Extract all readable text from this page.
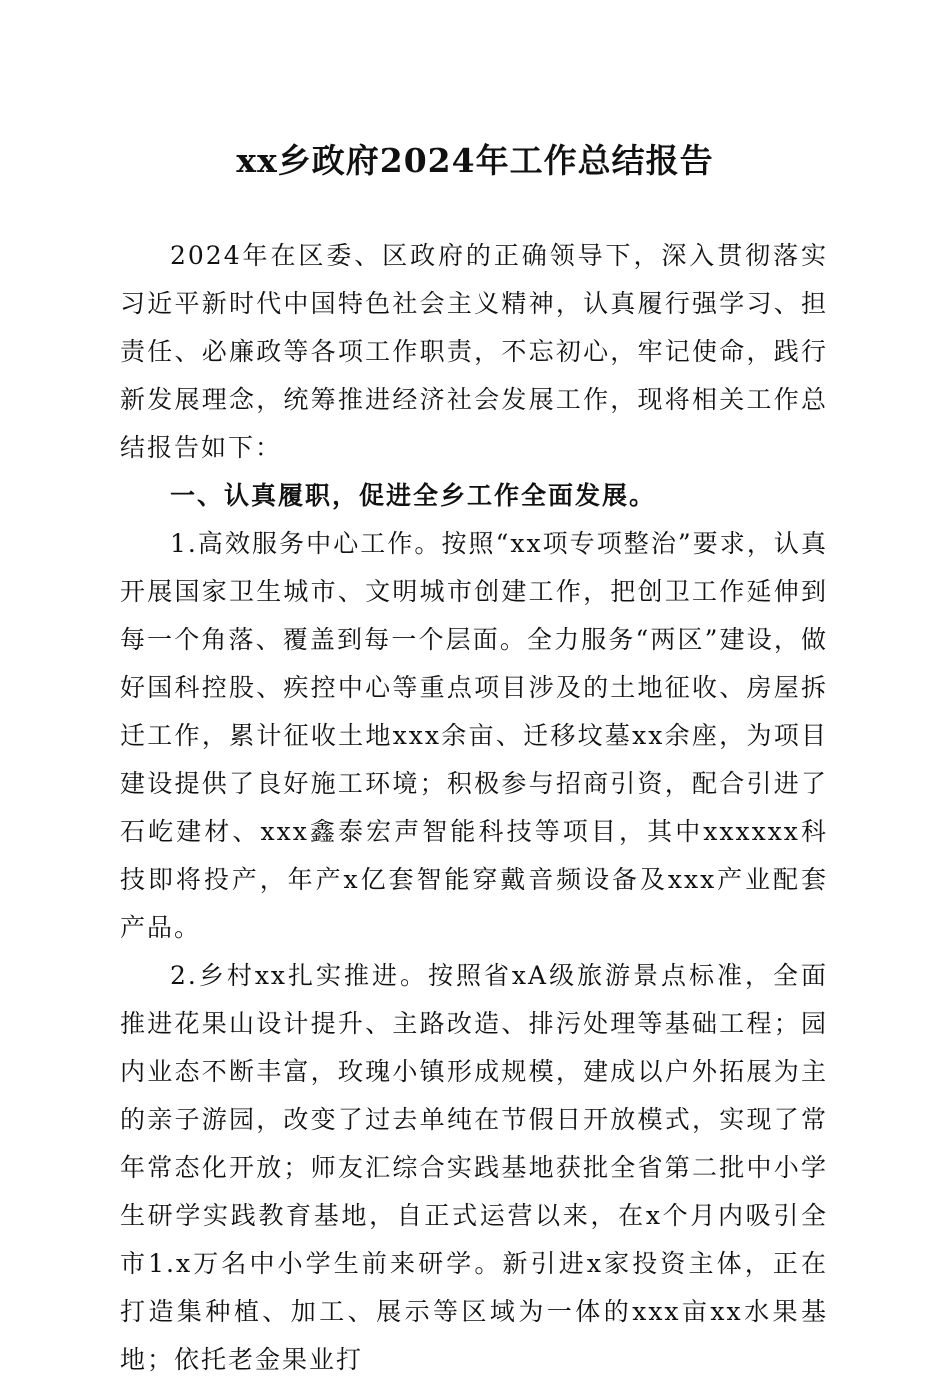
xx乡政府2024年工作总结报告

2024年在区委、区政府的正确领导下，深入贯彻落实习近平新时代中国特色社会主义精神，认真履行强学习、担责任、必廉政等各项工作职责，不忘初心，牢记使命，践行新发展理念，统筹推进经济社会发展工作，现将相关工作总结报告如下：

一、认真履职，促进全乡工作全面发展。

1.高效服务中心工作。按照“xx项专项整治”要求，认真开展国家卫生城市、文明城市创建工作，把创卫工作延伸到每一个角落、覆盖到每一个层面。全力服务“两区”建设，做好国科控股、疾控中心等重点项目涉及的土地征收、房屋拆迁工作，累计征收土地xxx余亩、迁移坟墓xx余座，为项目建设提供了良好施工环境；积极参与招商引资，配合引进了石屹建材、xxx鑫泰宏声智能科技等项目，其中xxxxxx科技即将投产，年产x亿套智能穿戴音频设备及xxx产业配套产品。

2.乡村xx扎实推进。按照省xA级旅游景点标准，全面推进花果山设计提升、主路改造、排污处理等基础工程；园内业态不断丰富，玫瑰小镇形成规模，建成以户外拓展为主的亲子游园，改变了过去单纯在节假日开放模式，实现了常年常态化开放；师友汇综合实践基地获批全省第二批中小学生研学实践教育基地，自正式运营以来，在x个月内吸引全市1.x万名中小学生前来研学。新引进x家投资主体，正在打造集种植、加工、展示等区域为一体的xxx亩xx水果基地；依托老金果业打
